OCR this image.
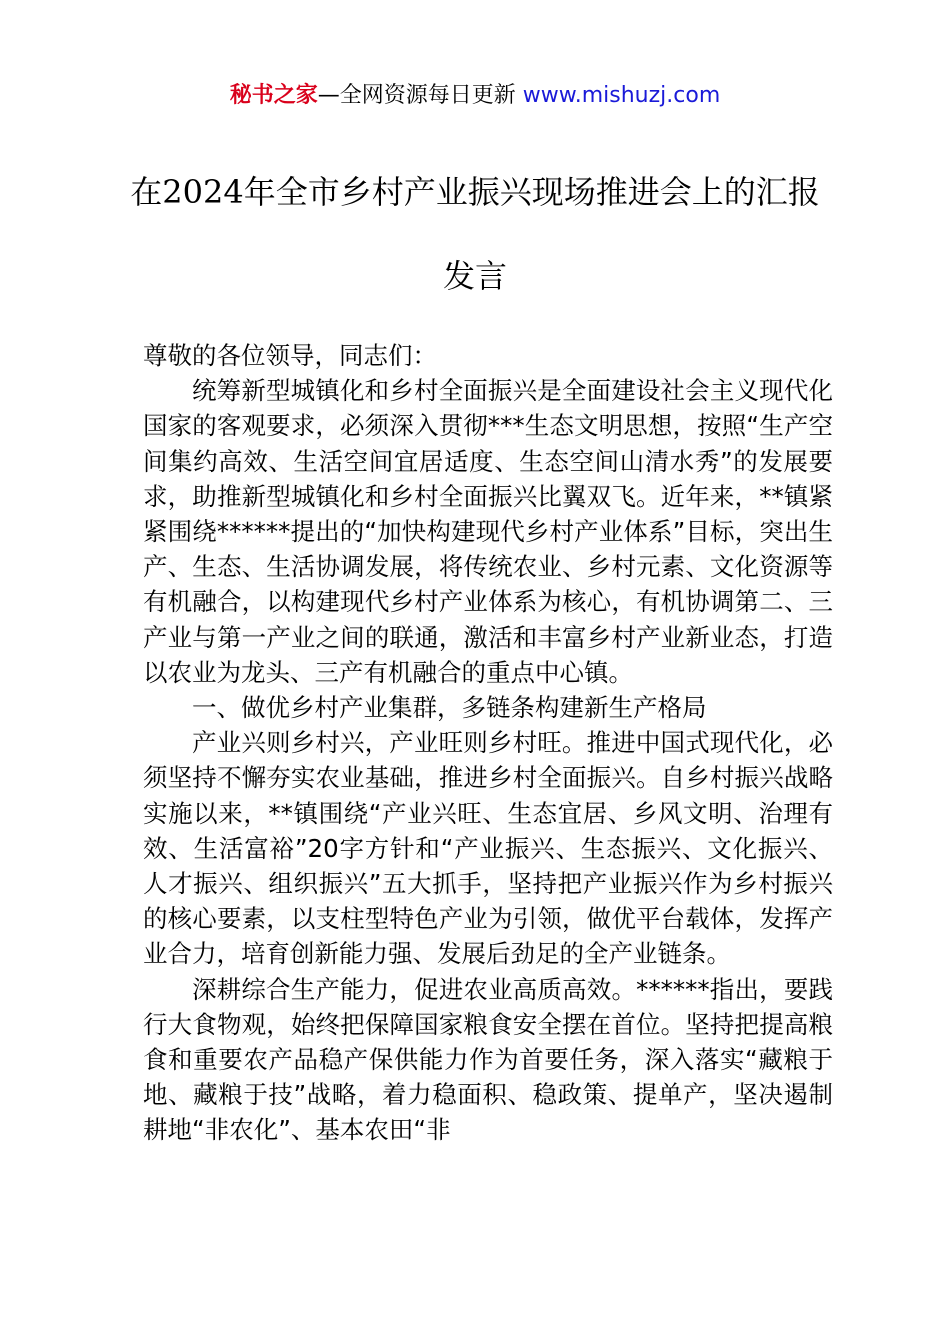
秘书之家—全网资源每日更新 www.mishuzj.com
在2024年全市乡村产业振兴现场推进会上的汇报发言

尊敬的各位领导，同志们：

统筹新型城镇化和乡村全面振兴是全面建设社会主义现代化国家的客观要求，必须深入贯彻***生态文明思想，按照“生产空间集约高效、生活空间宜居适度、生态空间山清水秀”的发展要求，助推新型城镇化和乡村全面振兴比翼双飞。近年来，**镇紧紧围绕******提出的“加快构建现代乡村产业体系”目标，突出生产、生态、生活协调发展，将传统农业、乡村元素、文化资源等有机融合，以构建现代乡村产业体系为核心，有机协调第二、三产业与第一产业之间的联通，激活和丰富乡村产业新业态，打造以农业为龙头、三产有机融合的重点中心镇。

一、做优乡村产业集群，多链条构建新生产格局

产业兴则乡村兴，产业旺则乡村旺。推进中国式现代化，必须坚持不懈夯实农业基础，推进乡村全面振兴。自乡村振兴战略实施以来，**镇围绕“产业兴旺、生态宜居、乡风文明、治理有效、生活富裕”20字方针和“产业振兴、生态振兴、文化振兴、人才振兴、组织振兴”五大抓手，坚持把产业振兴作为乡村振兴的核心要素，以支柱型特色产业为引领，做优平台载体，发挥产业合力，培育创新能力强、发展后劲足的全产业链条。

深耕综合生产能力，促进农业高质高效。******指出，要践行大食物观，始终把保障国家粮食安全摆在首位。坚持把提高粮食和重要农产品稳产保供能力作为首要任务，深入落实“藏粮于地、藏粮于技”战略，着力稳面积、稳政策、提单产，坚决遏制耕地“非农化”、基本农田“非
